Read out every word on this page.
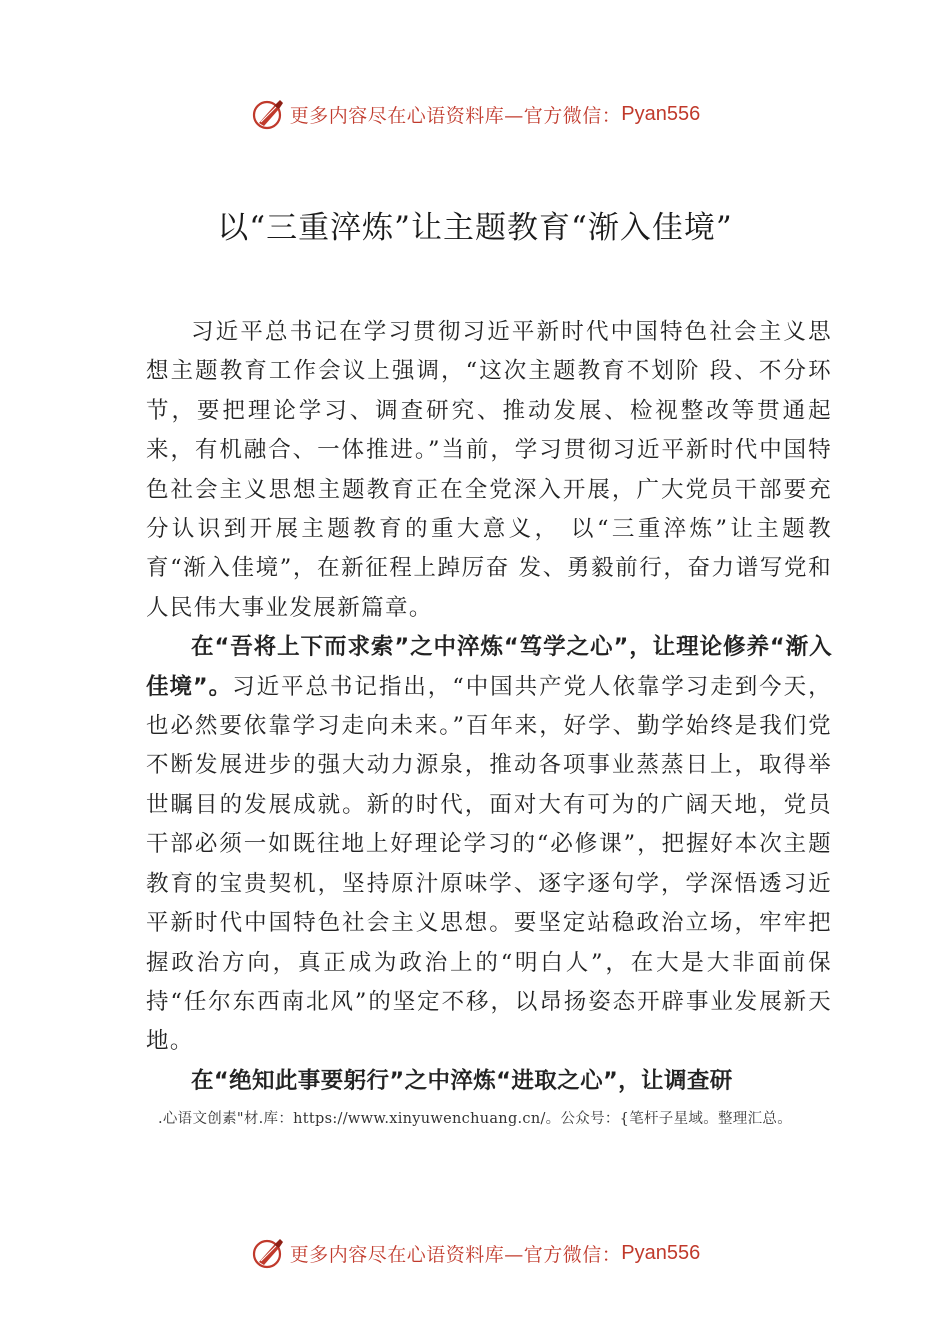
更多内容尽在心语资料库—官方微信： Pyan556
以“三重淬炼”让主题教育“渐入佳境”

习近平总书记在学习贯彻习近平新时代中国特色社会主义思想主题教育工作会议上强调，“这次主题教育不划阶 段、不分环节，要把理论学习、调查研究、推动发展、检视整改等贯通起来，有机融合、一体推进。”当前，学习贯彻习近平新时代中国特色社会主义思想主题教育正在全党深入开展，广大党员干部要充分认识到开展主题教育的重大意义， 以“三重淬炼”让主题教育“渐入佳境”，在新征程上踔厉奋 发、勇毅前行，奋力谱写党和人民伟大事业发展新篇章。

在“吾将上下而求索”之中淬炼“笃学之心”，让理论修养“渐入佳境”。习近平总书记指出，“中国共产党人依靠学习走到今天，也必然要依靠学习走向未来。”百年来，好学、勤学始终是我们党不断发展进步的强大动力源泉，推动各项事业蒸蒸日上，取得举世瞩目的发展成就。新的时代，面对大有可为的广阔天地，党员干部必须一如既往地上好理论学习的“必修课”，把握好本次主题教育的宝贵契机，坚持原汁原味学、逐字逐句学，学深悟透习近平新时代中国特色社会主义思想。要坚定站稳政治立场，牢牢把握政治方向，真正成为政治上的“明白人”，在大是大非面前保持“任尔东西南北风”的坚定不移，以昂扬姿态开辟事业发展新天地。

在“绝知此事要躬行”之中淬炼“进取之心”，让调查研

.心语文创素"材.库：https://www.xinyuwenchuang.cn/。公众号：{笔杆子星域。整理汇总。
更多内容尽在心语资料库—官方微信： Pyan556
